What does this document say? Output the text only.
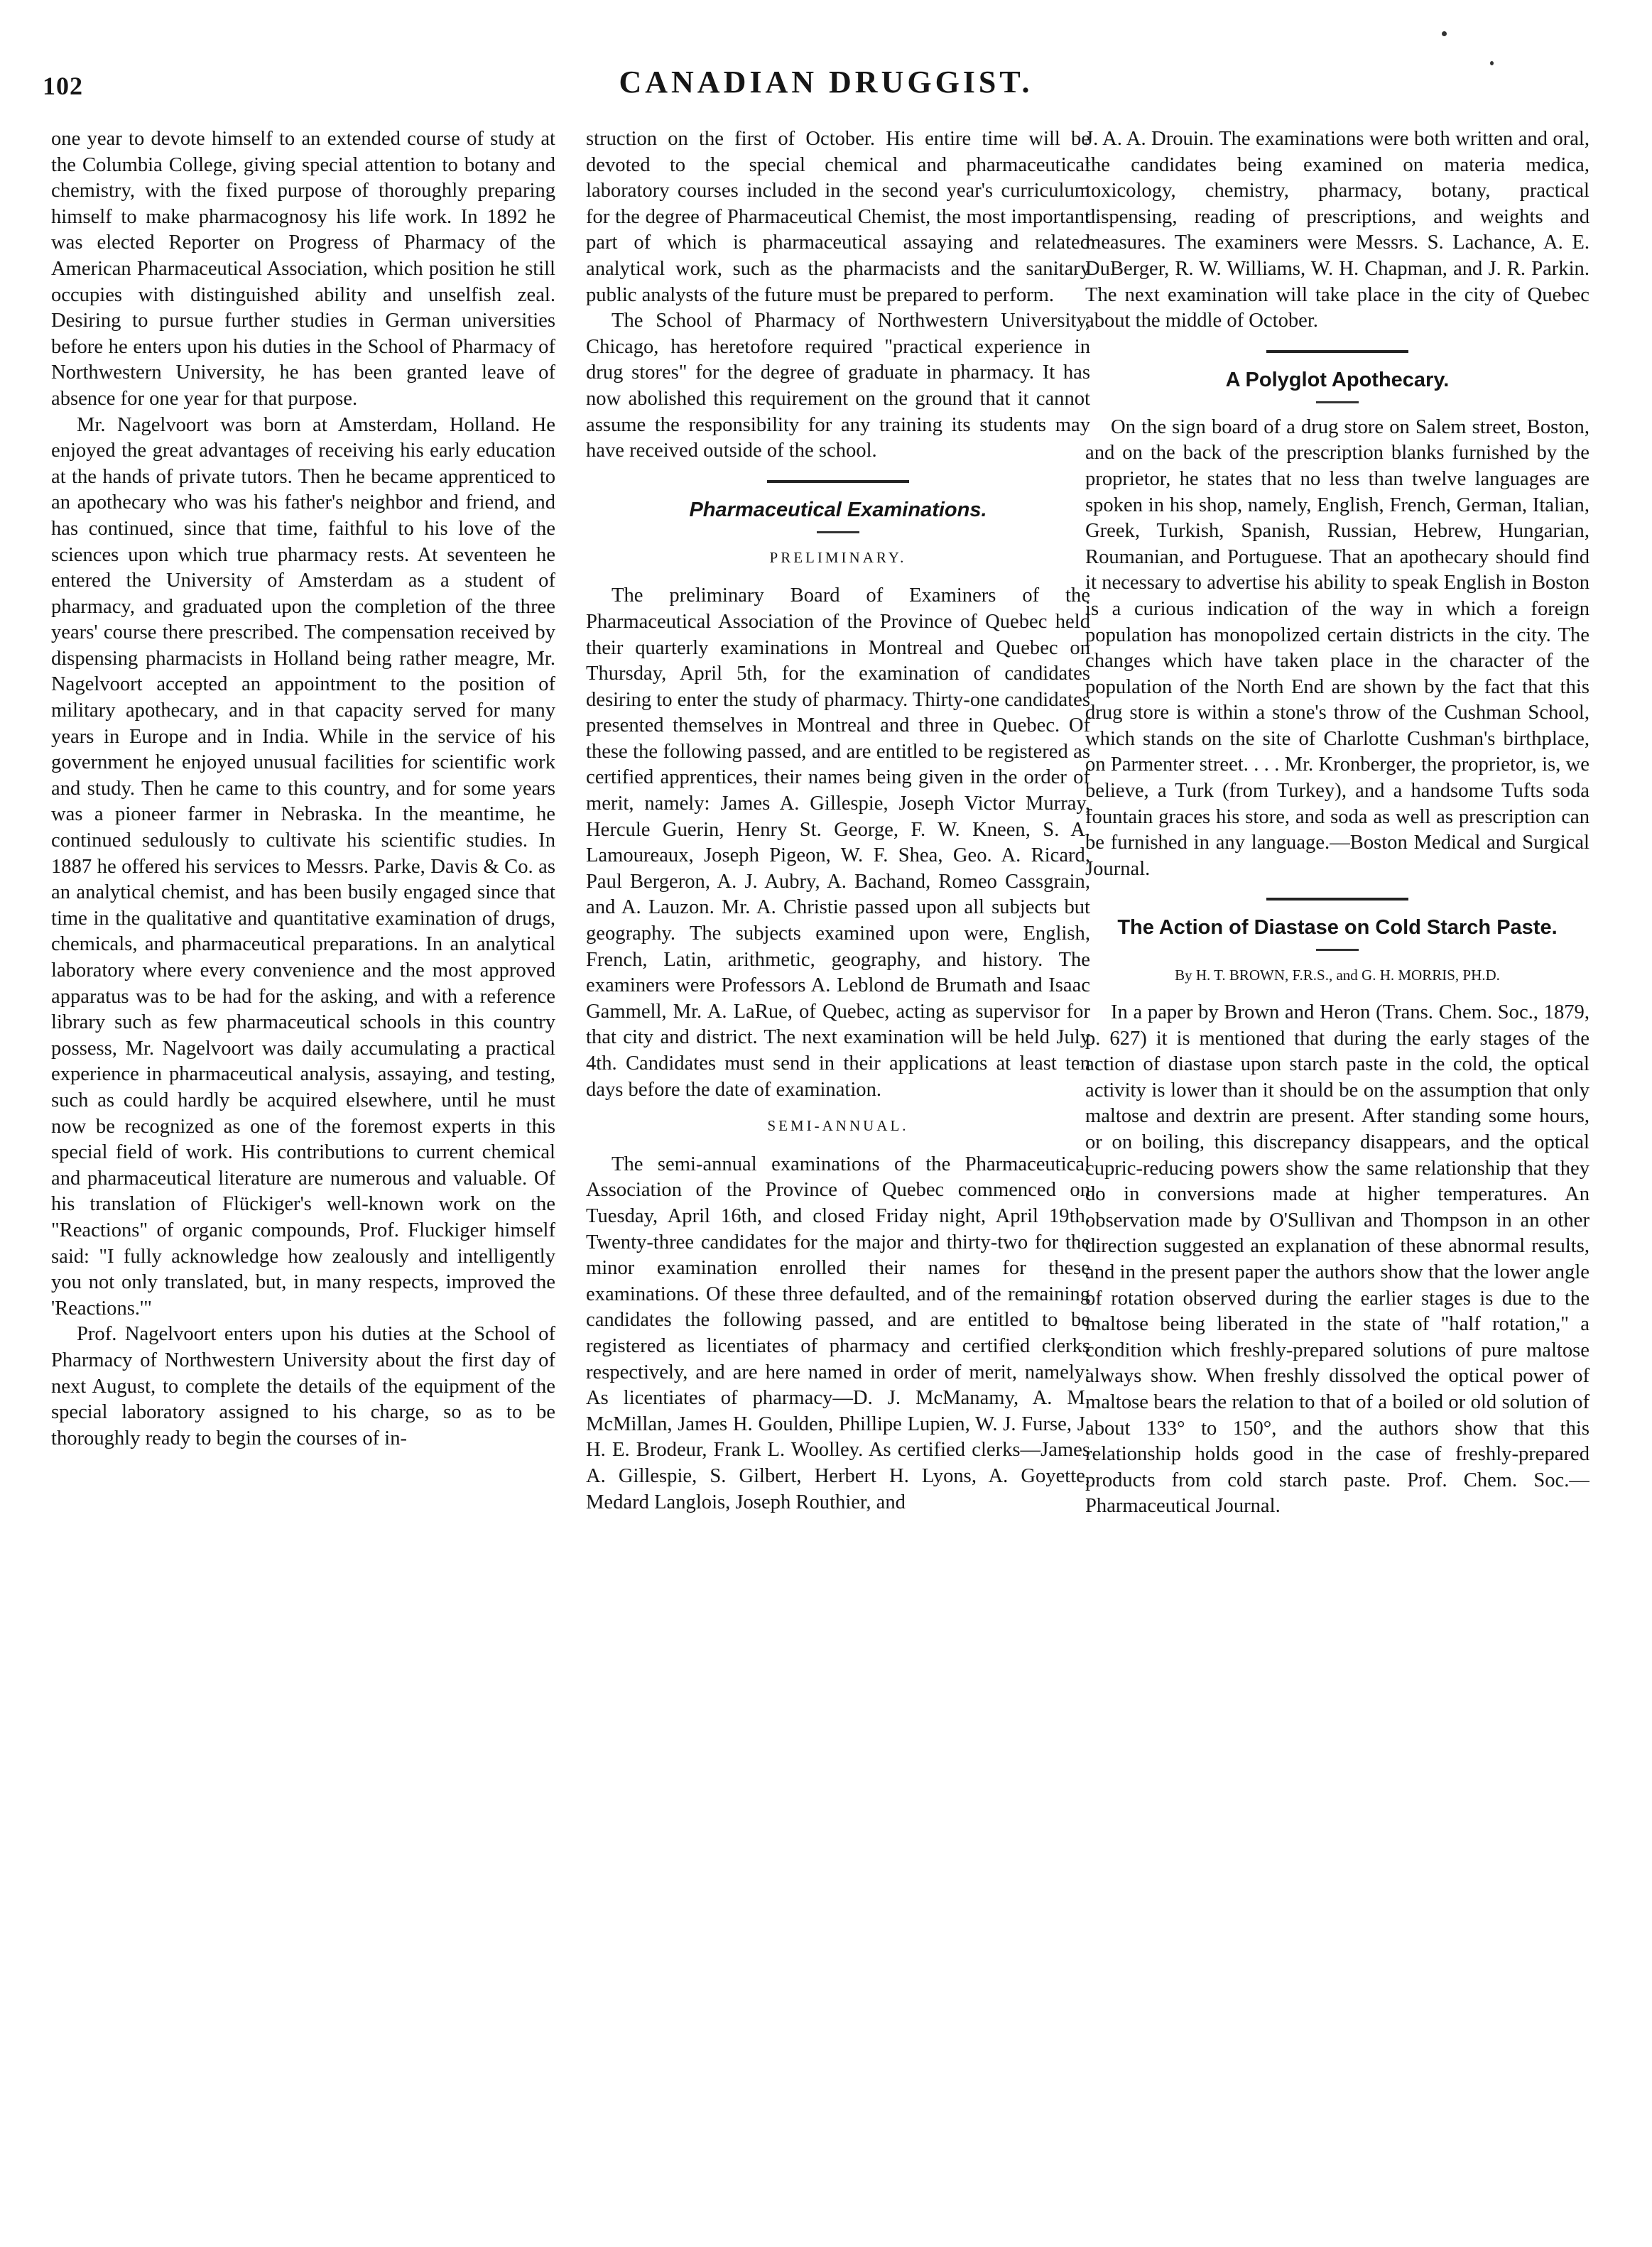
102	CANADIAN DRUGGIST.

one year to devote himself to an extended course of study at the Columbia College, giving special attention to botany and chemistry, with the fixed purpose of thoroughly preparing himself to make pharmacognosy his life work. In 1892 he was elected Reporter on Progress of Pharmacy of the American Pharmaceutical Association, which position he still occupies with distinguished ability and unselfish zeal. Desiring to pursue further studies in German universities before he enters upon his duties in the School of Pharmacy of Northwestern University, he has been granted leave of absence for one year for that purpose.

Mr. Nagelvoort was born at Amsterdam, Holland. He enjoyed the great advantages of receiving his early education at the hands of private tutors. Then he became apprenticed to an apothecary who was his father's neighbor and friend, and has continued, since that time, faithful to his love of the sciences upon which true pharmacy rests. At seventeen he entered the University of Amsterdam as a student of pharmacy, and graduated upon the completion of the three years' course there prescribed. The compensation received by dispensing pharmacists in Holland being rather meagre, Mr. Nagelvoort accepted an appointment to the position of military apothecary, and in that capacity served for many years in Europe and in India. While in the service of his government he enjoyed unusual facilities for scientific work and study. Then he came to this country, and for some years was a pioneer farmer in Nebraska. In the meantime, he continued sedulously to cultivate his scientific studies. In 1887 he offered his services to Messrs. Parke, Davis & Co. as an analytical chemist, and has been busily engaged since that time in the qualitative and quantitative examination of drugs, chemicals, and pharmaceutical preparations. In an analytical laboratory where every convenience and the most approved apparatus was to be had for the asking, and with a reference library such as few pharmaceutical schools in this country possess, Mr. Nagelvoort was daily accumulating a practical experience in pharmaceutical analysis, assaying, and testing, such as could hardly be acquired elsewhere, until he must now be recognized as one of the foremost experts in this special field of work. His contributions to current chemical and pharmaceutical literature are numerous and valuable. Of his translation of Flückiger's well-known work on the "Reactions" of organic compounds, Prof. Fluckiger himself said: "I fully acknowledge how zealously and intelligently you not only translated, but, in many respects, improved the 'Reactions.'"

Prof. Nagelvoort enters upon his duties at the School of Pharmacy of Northwestern University about the first day of next August, to complete the details of the equipment of the special laboratory assigned to his charge, so as to be thoroughly ready to begin the courses of in-

struction on the first of October. His entire time will be devoted to the special chemical and pharmaceutical laboratory courses included in the second year's curriculum for the degree of Pharmaceutical Chemist, the most important part of which is pharmaceutical assaying and related analytical work, such as the pharmacists and the sanitary public analysts of the future must be prepared to perform.

The School of Pharmacy of Northwestern University, Chicago, has heretofore required "practical experience in drug stores" for the degree of graduate in pharmacy. It has now abolished this requirement on the ground that it cannot assume the responsibility for any training its students may have received outside of the school.

Pharmaceutical Examinations.
PRELIMINARY.

The preliminary Board of Examiners of the Pharmaceutical Association of the Province of Quebec held their quarterly examinations in Montreal and Quebec on Thursday, April 5th, for the examination of candidates desiring to enter the study of pharmacy. Thirty-one candidates presented themselves in Montreal and three in Quebec. Of these the following passed, and are entitled to be registered as certified apprentices, their names being given in the order of merit, namely: James A. Gillespie, Joseph Victor Murray, Hercule Guerin, Henry St. George, F. W. Kneen, S. A. Lamoureaux, Joseph Pigeon, W. F. Shea, Geo. A. Ricard, Paul Bergeron, A. J. Aubry, A. Bachand, Romeo Cassgrain, and A. Lauzon. Mr. A. Christie passed upon all subjects but geography. The subjects examined upon were, English, French, Latin, arithmetic, geography, and history. The examiners were Professors A. Leblond de Brumath and Isaac Gammell, Mr. A. LaRue, of Quebec, acting as supervisor for that city and district. The next examination will be held July 4th. Candidates must send in their applications at least ten days before the date of examination.

SEMI-ANNUAL.

The semi-annual examinations of the Pharmaceutical Association of the Province of Quebec commenced on Tuesday, April 16th, and closed Friday night, April 19th. Twenty-three candidates for the major and thirty-two for the minor examination enrolled their names for these examinations. Of these three defaulted, and of the remaining candidates the following passed, and are entitled to be registered as licentiates of pharmacy and certified clerks respectively, and are here named in order of merit, namely: As licentiates of pharmacy—D. J. McManamy, A. M. McMillan, James H. Goulden, Phillipe Lupien, W. J. Furse, J. H. E. Brodeur, Frank L. Woolley. As certified clerks—James A. Gillespie, S. Gilbert, Herbert H. Lyons, A. Goyette, Medard Langlois, Joseph Routhier, and

J. A. A. Drouin. The examinations were both written and oral, the candidates being examined on materia medica, toxicology, chemistry, pharmacy, botany, practical dispensing, reading of prescriptions, and weights and measures. The examiners were Messrs. S. Lachance, A. E. DuBerger, R. W. Williams, W. H. Chapman, and J. R. Parkin. The next examination will take place in the city of Quebec about the middle of October.

A Polyglot Apothecary.

On the sign board of a drug store on Salem street, Boston, and on the back of the prescription blanks furnished by the proprietor, he states that no less than twelve languages are spoken in his shop, namely, English, French, German, Italian, Greek, Turkish, Spanish, Russian, Hebrew, Hungarian, Roumanian, and Portuguese. That an apothecary should find it necessary to advertise his ability to speak English in Boston is a curious indication of the way in which a foreign population has monopolized certain districts in the city. The changes which have taken place in the character of the population of the North End are shown by the fact that this drug store is within a stone's throw of the Cushman School, which stands on the site of Charlotte Cushman's birthplace, on Parmenter street. . . . Mr. Kronberger, the proprietor, is, we believe, a Turk (from Turkey), and a handsome Tufts soda fountain graces his store, and soda as well as prescription can be furnished in any language.—Boston Medical and Surgical Journal.

The Action of Diastase on Cold Starch Paste.
By H. T. BROWN, F.R.S., and G. H. MORRIS, PH.D.

In a paper by Brown and Heron (Trans. Chem. Soc., 1879, p. 627) it is mentioned that during the early stages of the action of diastase upon starch paste in the cold, the optical activity is lower than it should be on the assumption that only maltose and dextrin are present. After standing some hours, or on boiling, this discrepancy disappears, and the optical cupric-reducing powers show the same relationship that they do in conversions made at higher temperatures. An observation made by O'Sullivan and Thompson in an other direction suggested an explanation of these abnormal results, and in the present paper the authors show that the lower angle of rotation observed during the earlier stages is due to the maltose being liberated in the state of "half rotation," a condition which freshly-prepared solutions of pure maltose always show. When freshly dissolved the optical power of maltose bears the relation to that of a boiled or old solution of about 133° to 150°, and the authors show that this relationship holds good in the case of freshly-prepared products from cold starch paste. Prof. Chem. Soc.—Pharmaceutical Journal.
